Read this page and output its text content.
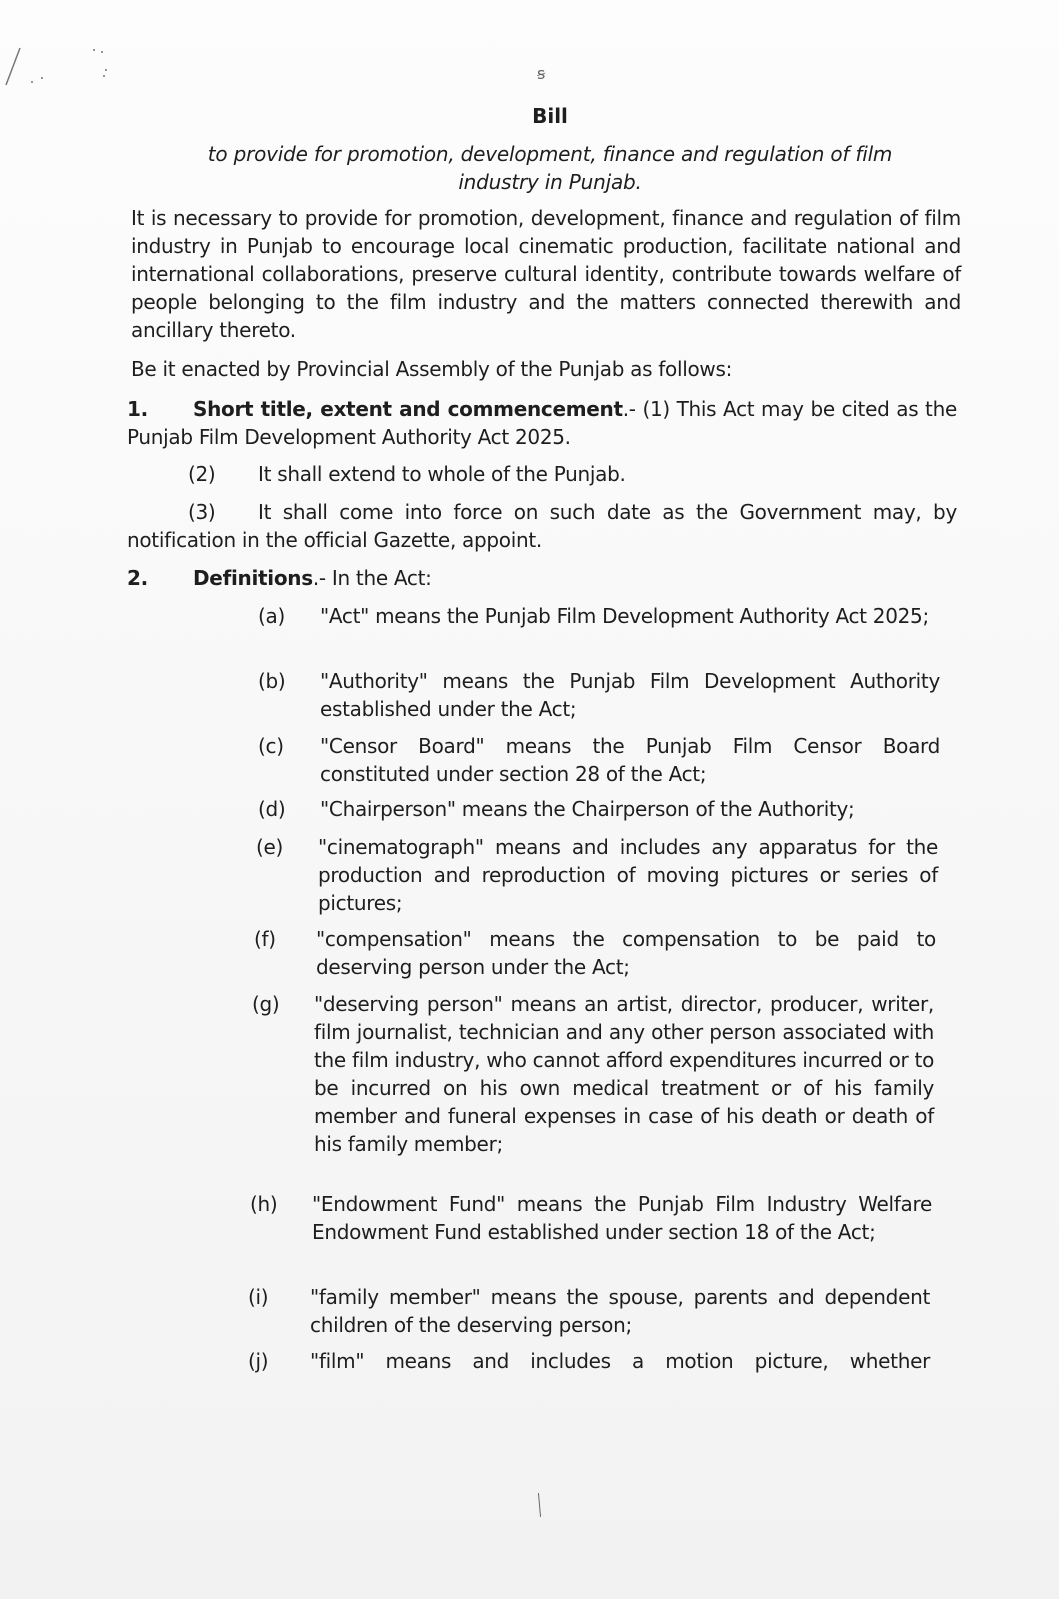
ꞩ
Bill
to provide for promotion, development, finance and regulation of film
industry in Punjab.
It is necessary to provide for promotion, development, finance and regulation of film industry in Punjab to encourage local cinematic production, facilitate national and international collaborations, preserve cultural identity, contribute towards welfare of people belonging to the film industry and the matters connected therewith and ancillary thereto.
Be it enacted by Provincial Assembly of the Punjab as follows:
1. Short title, extent and commencement.- (1) This Act may be cited as the Punjab Film Development Authority Act 2025.
(2) It shall extend to whole of the Punjab.
(3) It shall come into force on such date as the Government may, by notification in the official Gazette, appoint.
2. Definitions.- In the Act:
(a) "Act" means the Punjab Film Development Authority Act 2025;
(b) "Authority" means the Punjab Film Development Authority established under the Act;
(c) "Censor Board" means the Punjab Film Censor Board constituted under section 28 of the Act;
(d) "Chairperson" means the Chairperson of the Authority;
(e) "cinematograph" means and includes any apparatus for the production and reproduction of moving pictures or series of pictures;
(f) "compensation" means the compensation to be paid to deserving person under the Act;
(g) "deserving person" means an artist, director, producer, writer, film journalist, technician and any other person associated with the film industry, who cannot afford expenditures incurred or to be incurred on his own medical treatment or of his family member and funeral expenses in case of his death or death of his family member;
(h) "Endowment Fund" means the Punjab Film Industry Welfare Endowment Fund established under section 18 of the Act;
(i) "family member" means the spouse, parents and dependent children of the deserving person;
(j) "film" means and includes a motion picture, whether
